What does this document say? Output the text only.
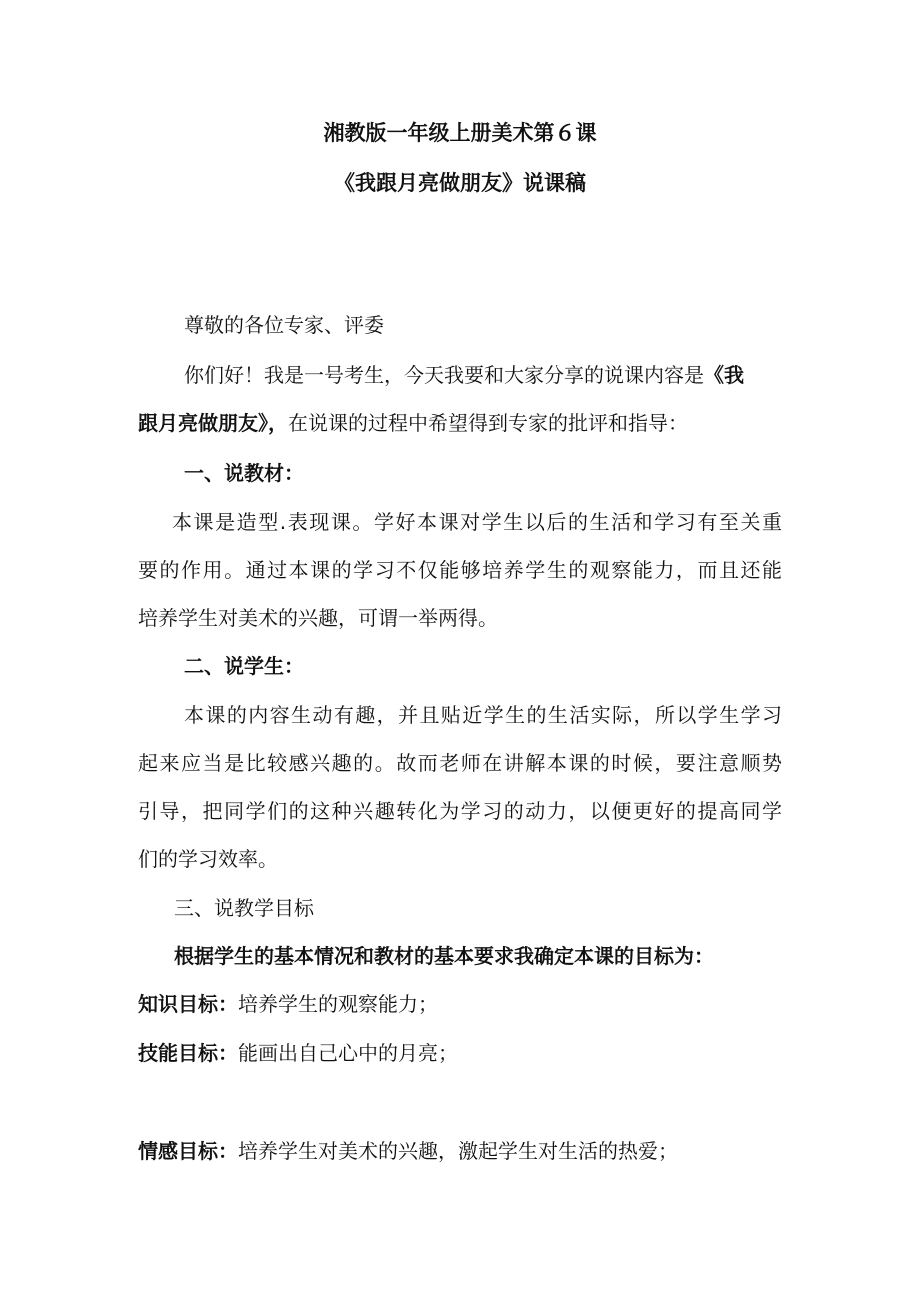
湘教版一年级上册美术第６课
《我跟月亮做朋友》说课稿
尊敬的各位专家、评委
你们好！我是一号考生，今天我要和大家分享的说课内容是《我
跟月亮做朋友》，在说课的过程中希望得到专家的批评和指导：
一、说教材：
本课是造型.表现课。学好本课对学生以后的生活和学习有至关重
要的作用。通过本课的学习不仅能够培养学生的观察能力，而且还能
培养学生对美术的兴趣，可谓一举两得。
二、说学生：
本课的内容生动有趣，并且贴近学生的生活实际，所以学生学习
起来应当是比较感兴趣的。故而老师在讲解本课的时候，要注意顺势
引导，把同学们的这种兴趣转化为学习的动力，以便更好的提高同学
们的学习效率。
三、说教学目标
根据学生的基本情况和教材的基本要求我确定本课的目标为：
知识目标：培养学生的观察能力；
技能目标：能画出自己心中的月亮；
情感目标：培养学生对美术的兴趣，激起学生对生活的热爱；
